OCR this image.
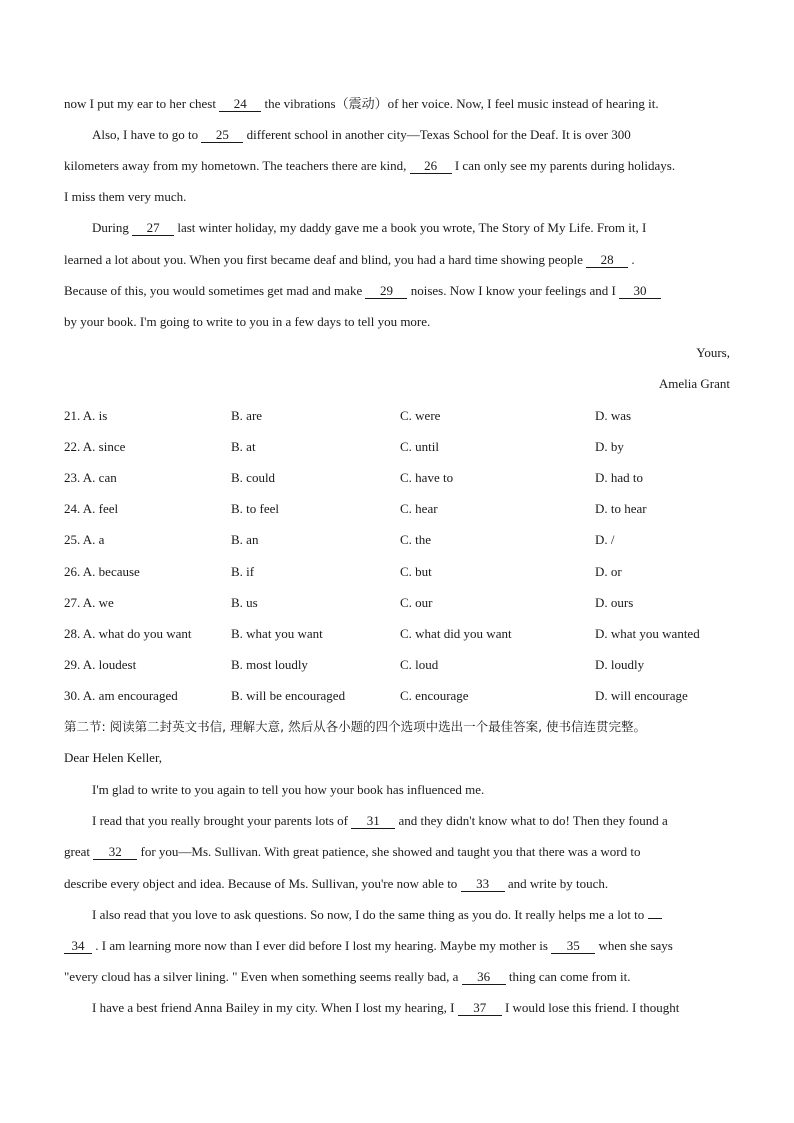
now I put my ear to her chest 24 the vibrations（震动）of her voice. Now, I feel music instead of hearing it.
Also, I have to go to 25 different school in another city—Texas School for the Deaf. It is over 300
kilometers away from my hometown. The teachers there are kind, 26 I can only see my parents during holidays.
I miss them very much.
During 27 last winter holiday, my daddy gave me a book you wrote, The Story of My Life. From it, I
learned a lot about you. When you first became deaf and blind, you had a hard time showing people 28 .
Because of this, you would sometimes get mad and make 29 noises. Now I know your feelings and I 30
by your book. I'm going to write to you in a few days to tell you more.
Yours,
Amelia Grant
21. A. is	B. are	C. were	D. was
22. A. since	B. at	C. until	D. by
23. A. can	B. could	C. have to	D. had to
24. A. feel	B. to feel	C. hear	D. to hear
25. A. a	B. an	C. the	D. /
26. A. because	B. if	C. but	D. or
27. A. we	B. us	C. our	D. ours
28. A. what do you want	B. what you want	C. what did you want	D. what you wanted
29. A. loudest	B. most loudly	C. loud	D. loudly
30. A. am encouraged	B. will be encouraged	C. encourage	D. will encourage
第二节: 阅读第二封英文书信, 理解大意, 然后从各小题的四个选项中选出一个最佳答案, 使书信连贯完整。
Dear Helen Keller,
I'm glad to write to you again to tell you how your book has influenced me.
I read that you really brought your parents lots of 31 and they didn't know what to do! Then they found a
great 32 for you—Ms. Sullivan. With great patience, she showed and taught you that there was a word to
describe every object and idea. Because of Ms. Sullivan, you're now able to 33 and write by touch.
I also read that you love to ask questions. So now, I do the same thing as you do. It really helps me a lot to
34 . I am learning more now than I ever did before I lost my hearing. Maybe my mother is 35 when she says
"every cloud has a silver lining. " Even when something seems really bad, a 36 thing can come from it.
I have a best friend Anna Bailey in my city. When I lost my hearing, I 37 I would lose this friend. I thought
